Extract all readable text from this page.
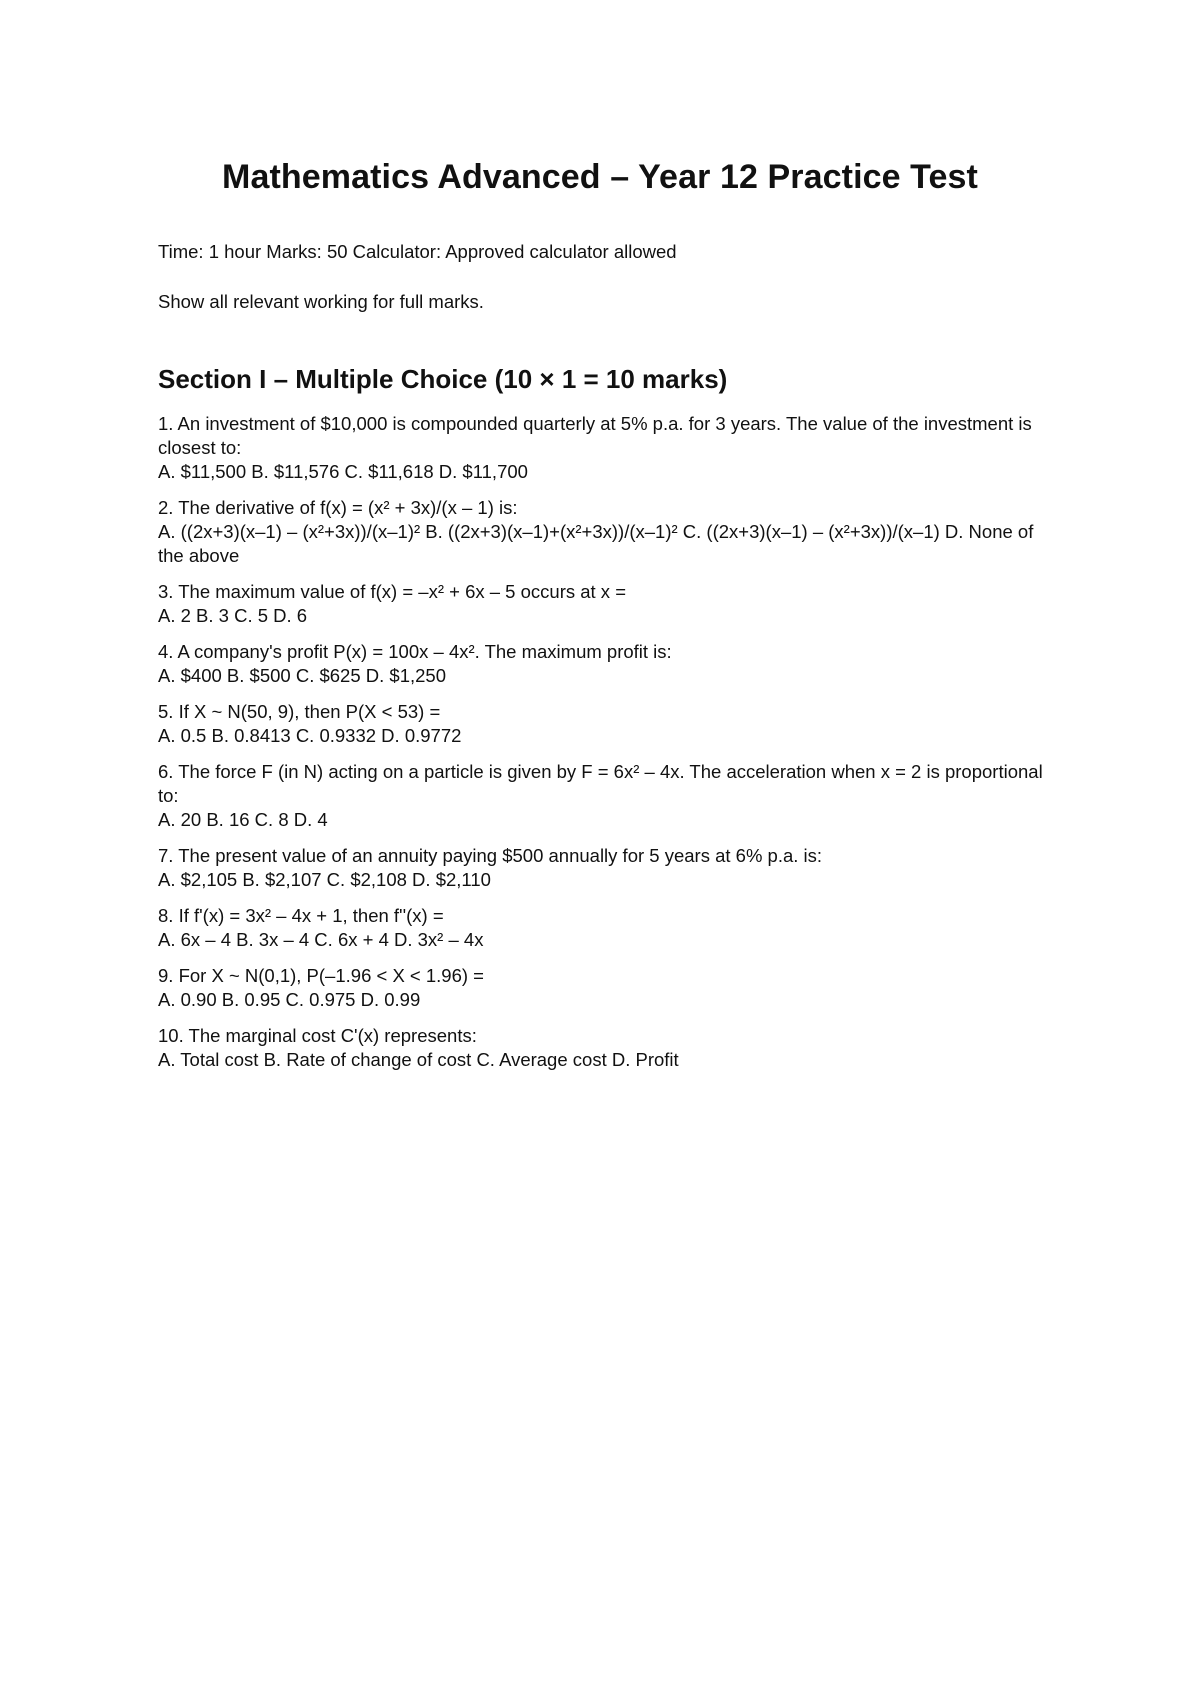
Mathematics Advanced – Year 12 Practice Test

Time: 1 hour Marks: 50 Calculator: Approved calculator allowed

Show all relevant working for full marks.

Section I – Multiple Choice (10 × 1 = 10 marks)

1. An investment of $10,000 is compounded quarterly at 5% p.a. for 3 years. The value of the investment is closest to:

A. $11,500 B. $11,576 C. $11,618 D. $11,700

2. The derivative of f(x) = (x² + 3x)/(x – 1) is:

A. ((2x+3)(x–1) – (x²+3x))/(x–1)² B. ((2x+3)(x–1)+(x²+3x))/(x–1)² C. ((2x+3)(x–1) – (x²+3x))/(x–1) D. None of the above

3. The maximum value of f(x) = –x² + 6x – 5 occurs at x =

A. 2 B. 3 C. 5 D. 6

4. A company's profit P(x) = 100x – 4x². The maximum profit is:

A. $400 B. $500 C. $625 D. $1,250

5. If X ~ N(50, 9), then P(X < 53) =

A. 0.5 B. 0.8413 C. 0.9332 D. 0.9772

6. The force F (in N) acting on a particle is given by F = 6x² – 4x. The acceleration when x = 2 is proportional to:

A. 20 B. 16 C. 8 D. 4

7. The present value of an annuity paying $500 annually for 5 years at 6% p.a. is:

A. $2,105 B. $2,107 C. $2,108 D. $2,110

8. If f'(x) = 3x² – 4x + 1, then f''(x) =

A. 6x – 4 B. 3x – 4 C. 6x + 4 D. 3x² – 4x

9. For X ~ N(0,1), P(–1.96 < X < 1.96) =

A. 0.90 B. 0.95 C. 0.975 D. 0.99

10. The marginal cost C'(x) represents:

A. Total cost B. Rate of change of cost C. Average cost D. Profit
